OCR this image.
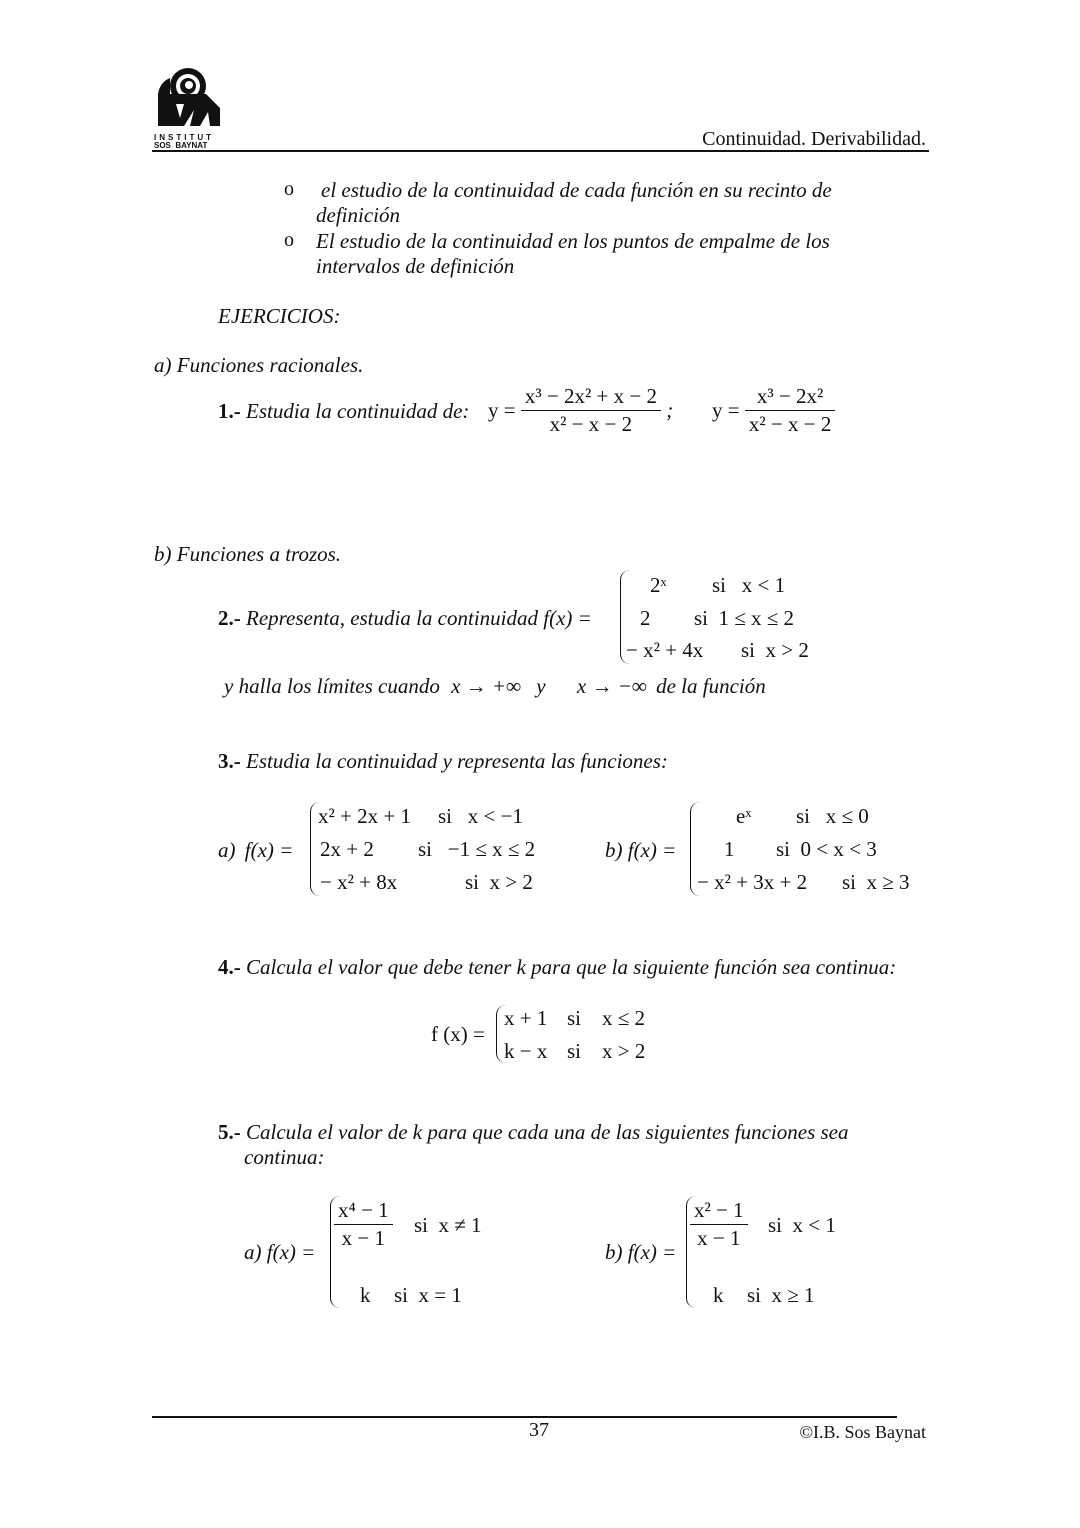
INSTITUT
SOS  BAYNAT	Continuidad. Derivabilidad.
o el estudio de la continuidad de cada función en su recinto de
definición
o El estudio de la continuidad en los puntos de empalme de los
intervalos de definición
EJERCICIOS:
a) Funciones racionales.
1.- Estudia la continuidad de: $y = \frac{\text{x³ − 2x² + x − 2}}{\text{x² − x − 2}}$ ; $y = \frac{\text{x³ − 2x²}}{\text{x² − x − 2}}$
b) Funciones a trozos.
2.- Representa, estudia la continuidad f(x) =
2ˣ si   x < 1
2 si  1 ≤ x ≤ 2
− x² + 4x si  x > 2
y halla los límites cuando x → +∞ y x → −∞ de la función
3.- Estudia la continuidad y representa las funciones:
a) f(x) =
x² + 2x + 1 si   x < −1
2x + 2 si   −1 ≤ x ≤ 2
− x² + 8x	si  x > 2
b) f(x) =
eˣ si   x ≤ 0
1 si  0 < x < 3
− x² + 3x + 2 si  x ≥ 3
4.- Calcula el valor que debe tener k para que la siguiente función sea continua:
f (x) =
x + 1 si    x ≤ 2
k − x si    x > 2
5.- Calcula el valor de k para que cada una de las siguientes funciones sea
continua:
a) f(x) =
$\frac{\text{x⁴ − 1}}{x - 1}$ si  x ≠ 1
k si  x = 1
b) f(x) =
$\frac{\text{x² − 1}}{x - 1}$ si  x < 1
k si  x ≥ 1
37	©I.B. Sos Baynat
